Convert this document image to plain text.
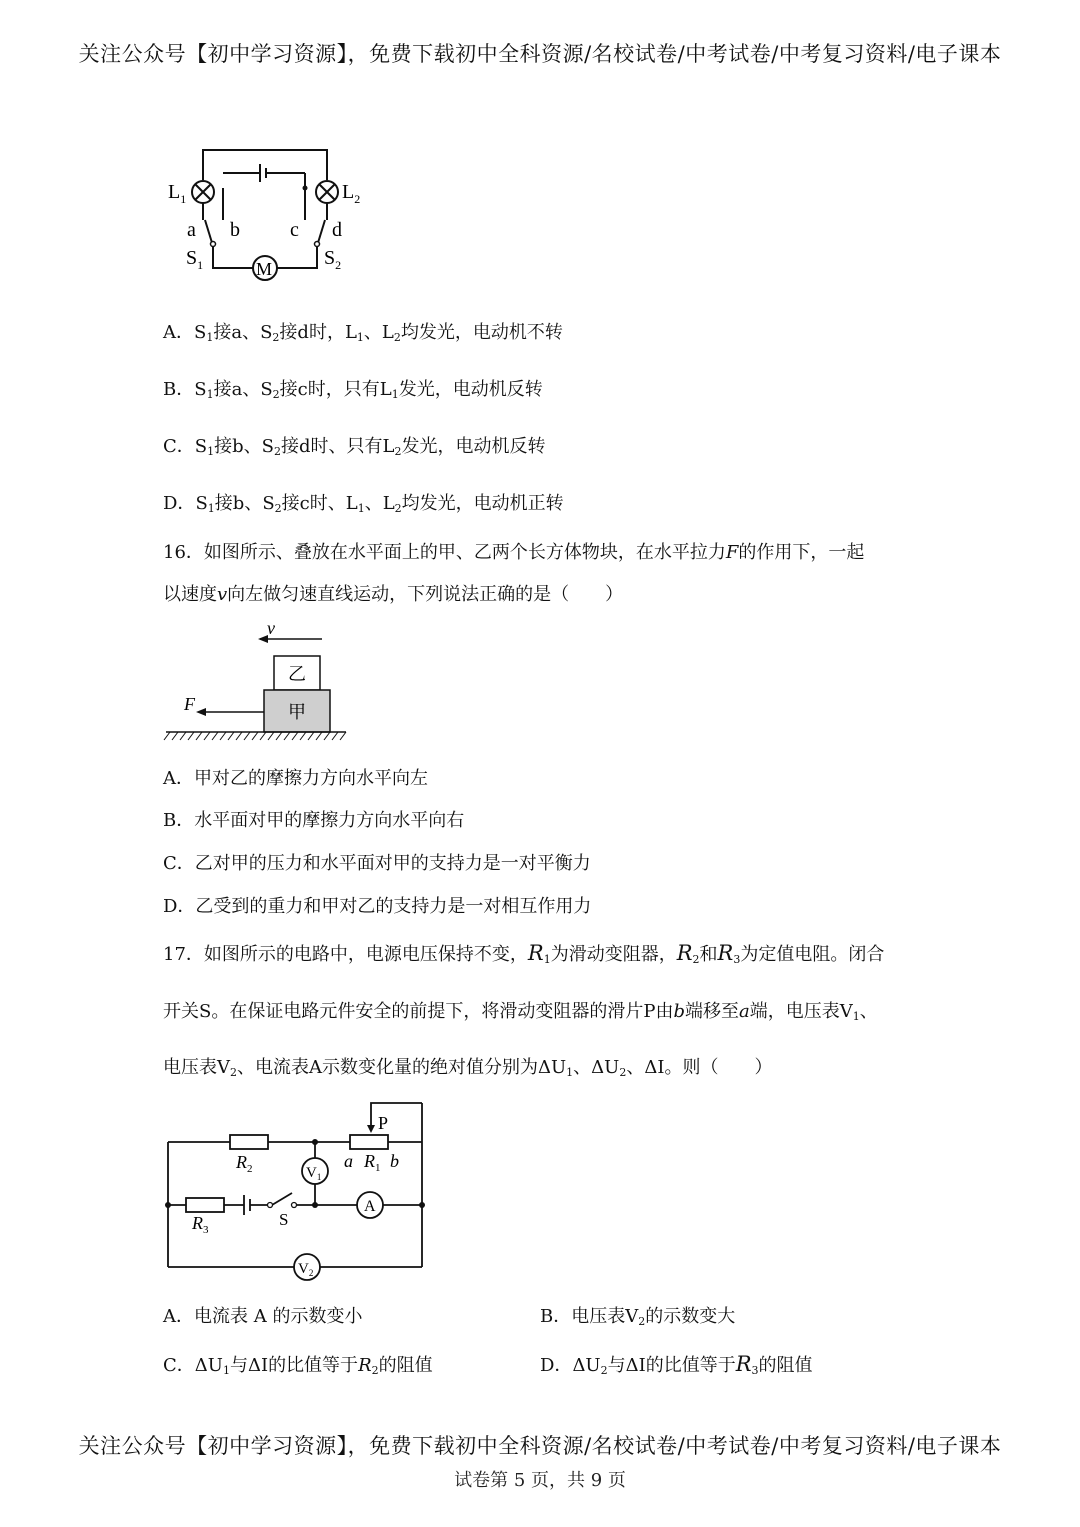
关注公众号【初中学习资源】，免费下载初中全科资源/名校试卷/中考试卷/中考复习资料/电子课本
$L_1$	$L_2$
a b	c d
$S_1$	$S_2$
M
A．$S_1$接a、$S_2$接d时，$L_1$、$L_2$均发光，电动机不转
B．$S_1$接a、$S_2$接c时，只有$L_1$发光，电动机反转
C．$S_1$接b、$S_2$接d时、只有$L_2$发光，电动机反转
D．$S_1$接b、$S_2$接c时、$L_1$、$L_2$均发光，电动机正转
16．如图所示、叠放在水平面上的甲、乙两个长方体物块，在水平拉力F的作用下，一起
以速度v向左做匀速直线运动，下列说法正确的是（　　）
v
乙
甲
F
A．甲对乙的摩擦力方向水平向左
B．水平面对甲的摩擦力方向水平向右
C．乙对甲的压力和水平面对甲的支持力是一对平衡力
D．乙受到的重力和甲对乙的支持力是一对相互作用力
17．如图所示的电路中，电源电压保持不变，$R_1$为滑动变阻器，$R_2$和$R_3$为定值电阻。闭合
开关S。在保证电路元件安全的前提下，将滑动变阻器的滑片P由b端移至a端，电压表$V_1$、
电压表$V_2$、电流表A示数变化量的绝对值分别为$\Delta U_1$、$\Delta U_2$、ΔI。则（　　）
P
a $R_1$ b
$R_2$
$R_3$
S
$V_1$
A
$V_2$
A．电流表 A 的示数变小	B．电压表$V_2$的示数变大
C．$\Delta U_1$与ΔI的比值等于$R_2$的阻值	D．$\Delta U_2$与ΔI的比值等于$R_3$的阻值
关注公众号【初中学习资源】，免费下载初中全科资源/名校试卷/中考试卷/中考复习资料/电子课本
试卷第 5 页，共 9 页
